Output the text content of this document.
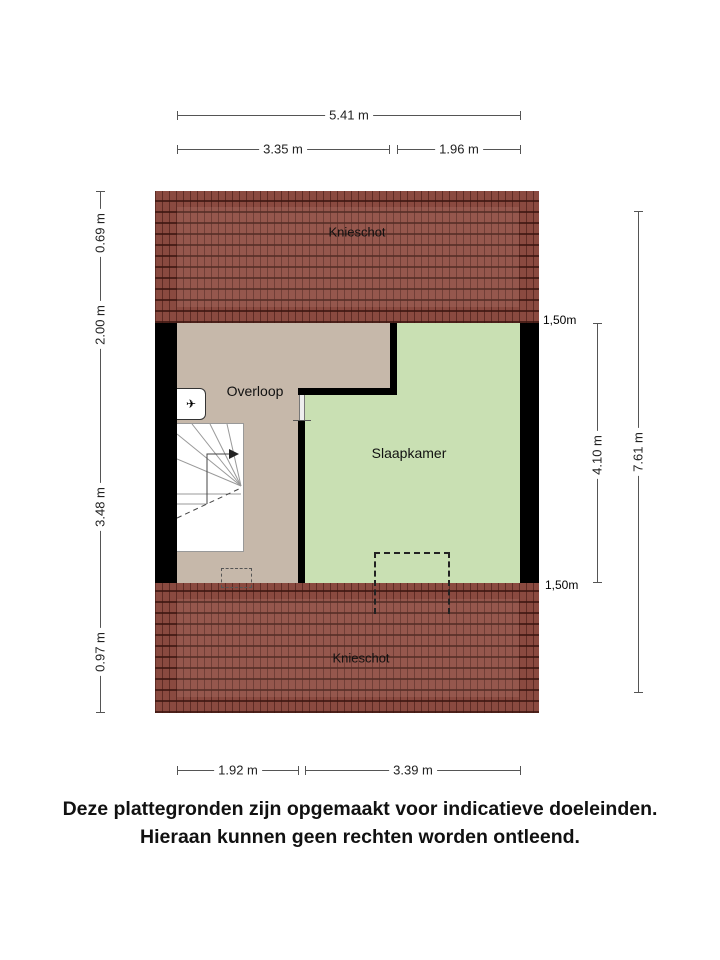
5.41 m
3.35 m	1.96 m
1.92 m	3.39 m
0.69 m
2.00 m
3.48 m
0.97 m
4.10 m 7.61 m
1,50m
1,50m
✈
Knieschot
Knieschot
Overloop
Slaapkamer
Deze plattegronden zijn opgemaakt voor indicatieve doeleinden.
Hieraan kunnen geen rechten worden ontleend.
